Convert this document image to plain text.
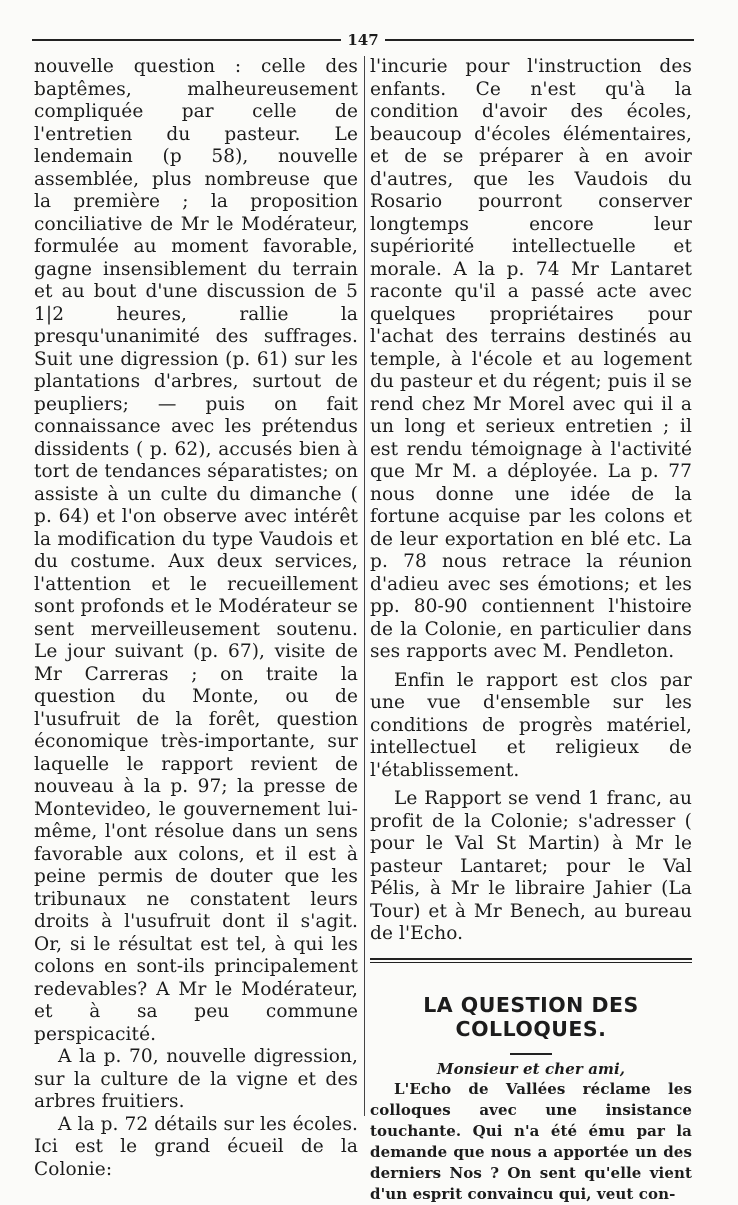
147

nouvelle question : celle des baptêmes, malheureusement compliquée par celle de l'entretien du pasteur. Le lendemain (p 58), nouvelle assemblée, plus nombreuse que la première ; la proposition conciliative de Mr le Modérateur, formulée au moment favorable, gagne insensiblement du terrain et au bout d'une discussion de 5 1|2 heures, rallie la presqu'unanimité des suffrages. Suit une digression (p. 61) sur les plantations d'arbres, surtout de peupliers; — puis on fait connaissance avec les prétendus dissidents ( p. 62), accusés bien à tort de tendances séparatistes; on assiste à un culte du dimanche ( p. 64) et l'on observe avec intérêt la modification du type Vaudois et du costume. Aux deux services, l'attention et le recueillement sont profonds et le Modérateur se sent merveilleusement soutenu. Le jour suivant (p. 67), visite de Mr Carreras ; on traite la question du Monte, ou de l'usufruit de la forêt, question économique très-importante, sur laquelle le rapport revient de nouveau à la p. 97; la presse de Montevideo, le gouvernement lui-même, l'ont résolue dans un sens favorable aux colons, et il est à peine permis de douter que les tribunaux ne constatent leurs droits à l'usufruit dont il s'agit. Or, si le résultat est tel, à qui les colons en sont-ils principalement redevables? A Mr le Modérateur, et à sa peu commune perspicacité.

A la p. 70, nouvelle digression, sur la culture de la vigne et des arbres fruitiers.

A la p. 72 détails sur les écoles. Ici est le grand écueil de la Colonie:

l'incurie pour l'instruction des enfants. Ce n'est qu'à la condition d'avoir des écoles, beaucoup d'écoles élémentaires, et de se préparer à en avoir d'autres, que les Vaudois du Rosario pourront conserver longtemps encore leur supériorité intellectuelle et morale. A la p. 74 Mr Lantaret raconte qu'il a passé acte avec quelques propriétaires pour l'achat des terrains destinés au temple, à l'école et au logement du pasteur et du régent; puis il se rend chez Mr Morel avec qui il a un long et serieux entretien ; il est rendu témoignage à l'activité que Mr M. a déployée. La p. 77 nous donne une idée de la fortune acquise par les colons et de leur exportation en blé etc. La p. 78 nous retrace la réunion d'adieu avec ses émotions; et les pp. 80-90 contiennent l'histoire de la Colonie, en particulier dans ses rapports avec M. Pendleton.

Enfin le rapport est clos par une vue d'ensemble sur les conditions de progrès matériel, intellectuel et religieux de l'établissement.

Le Rapport se vend 1 franc, au profit de la Colonie; s'adresser ( pour le Val St Martin) à Mr le pasteur Lantaret; pour le Val Pélis, à Mr le libraire Jahier (La Tour) et à Mr Benech, au bureau de l'Echo.

LA QUESTION DES COLLOQUES.
Monsieur et cher ami,

L'Echo de Vallées réclame les colloques avec une insistance touchante. Qui n'a été ému par la demande que nous a apportée un des derniers Nos ? On sent qu'elle vient d'un esprit convaincu qui, veut con-
